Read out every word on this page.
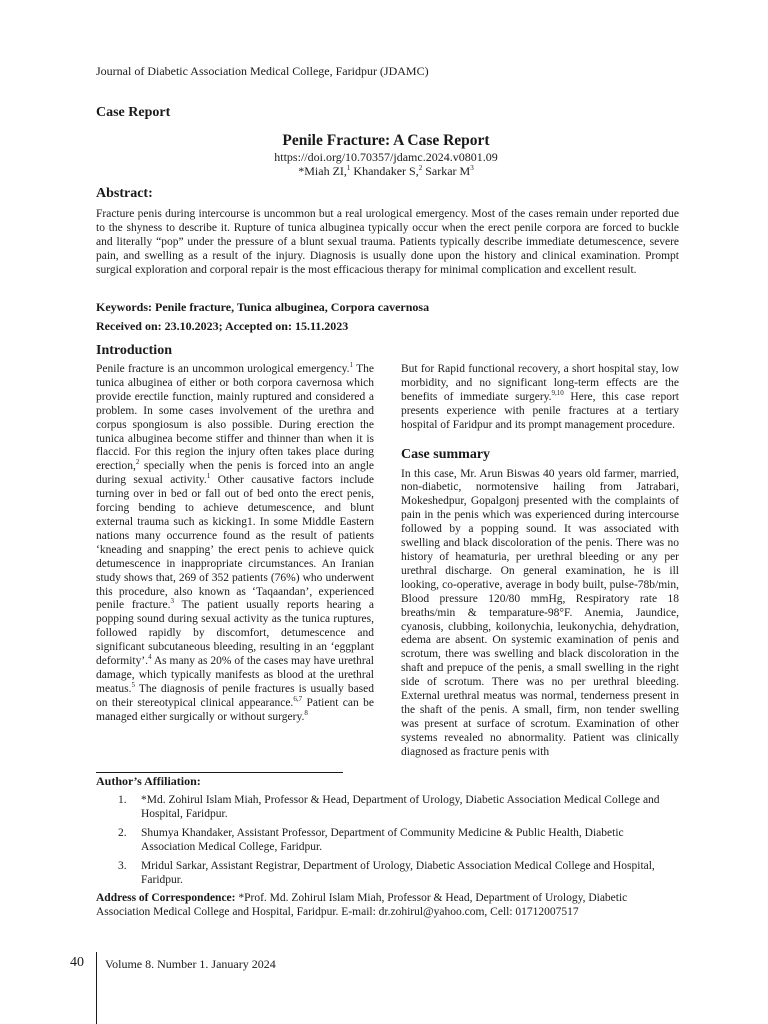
Journal of Diabetic Association Medical College, Faridpur (JDAMC)
Case Report
Penile Fracture: A Case Report
https://doi.org/10.70357/jdamc.2024.v0801.09
*Miah ZI,$^1$ Khandaker S,$^2$ Sarkar $M^3$
Abstract:
Fracture penis during intercourse is uncommon but a real urological emergency. Most of the cases remain under reported due to the shyness to describe it. Rupture of tunica albuginea typically occur when the erect penile corpora are forced to buckle and literally “pop” under the pressure of a blunt sexual trauma. Patients typically describe immediate detumescence, severe pain, and swelling as a result of the injury. Diagnosis is usually done upon the history and clinical examination. Prompt surgical exploration and corporal repair is the most efficacious therapy for minimal complication and excellent result.
Keywords: Penile fracture, Tunica albuginea, Corpora cavernosa
Received on: 23.10.2023; Accepted on: 15.11.2023
Introduction
Penile fracture is an uncommon urological emergency.$^1$ The tunica albuginea of either or both corpora cavernosa which provide erectile function, mainly ruptured and considered a problem. In some cases involvement of the urethra and corpus spongiosum is also possible. During erection the tunica albuginea become stiffer and thinner than when it is flaccid. For this region the injury often takes place during erection,$^2$ specially when the penis is forced into an angle during sexual activity.$^1$ Other causative factors include turning over in bed or fall out of bed onto the erect penis, forcing bending to achieve detumescence, and blunt external trauma such as kicking1. In some Middle Eastern nations many occurrence found as the result of patients ‘kneading and snapping’ the erect penis to achieve quick detumescence in inappropriate circumstances. An Iranian study shows that, 269 of 352 patients (76%) who underwent this procedure, also known as ‘Taqaandan’, experienced penile fracture.$^3$ The patient usually reports hearing a popping sound during sexual activity as the tunica ruptures, followed rapidly by discomfort, detumescence and significant subcutaneous bleeding, resulting in an ‘eggplant deformity’.$^4$ As many as 20% of the cases may have urethral damage, which typically manifests as blood at the urethral meatus.$^5$ The diagnosis of penile fractures is usually based on their stereotypical clinical appearance.$^{6,7}$ Patient can be managed either surgically or without surgery.$^8$
But for Rapid functional recovery, a short hospital stay, low morbidity, and no significant long-term effects are the benefits of immediate surgery.$^{9,10}$ Here, this case report presents experience with penile fractures at a tertiary hospital of Faridpur and its prompt management procedure.
Case summary
In this case, Mr. Arun Biswas 40 years old farmer, married, non-diabetic, normotensive hailing from Jatrabari, Mokeshedpur, Gopalgonj presented with the complaints of pain in the penis which was experienced during intercourse followed by a popping sound. It was associated with swelling and black discoloration of the penis. There was no history of heamaturia, per urethral bleeding or any per urethral discharge. On general examination, he is ill looking, co-operative, average in body built, pulse-78b/min, Blood pressure 120/80 mmHg, Respiratory rate 18 breaths/min & temparature-98°F. Anemia, Jaundice, cyanosis, clubbing, koilonychia, leukonychia, dehydration, edema are absent. On systemic examination of penis and scrotum, there was swelling and black discoloration in the shaft and prepuce of the penis, a small swelling in the right side of scrotum. There was no per urethral bleeding. External urethral meatus was normal, tenderness present in the shaft of the penis. A small, firm, non tender swelling was present at surface of scrotum. Examination of other systems revealed no abnormality. Patient was clinically diagnosed as fracture penis with
Author’s Affiliation:
1. *Md. Zohirul Islam Miah, Professor & Head, Department of Urology, Diabetic Association Medical College and Hospital, Faridpur.
2. Shumya Khandaker, Assistant Professor, Department of Community Medicine & Public Health, Diabetic Association Medical College, Faridpur.
3. Mridul Sarkar, Assistant Registrar, Department of Urology, Diabetic Association Medical College and Hospital, Faridpur.
Address of Correspondence: *Prof. Md. Zohirul Islam Miah, Professor & Head, Department of Urology, Diabetic Association Medical College and Hospital, Faridpur. E-mail: dr.zohirul@yahoo.com, Cell: 01712007517
40 Volume 8. Number 1. January 2024
